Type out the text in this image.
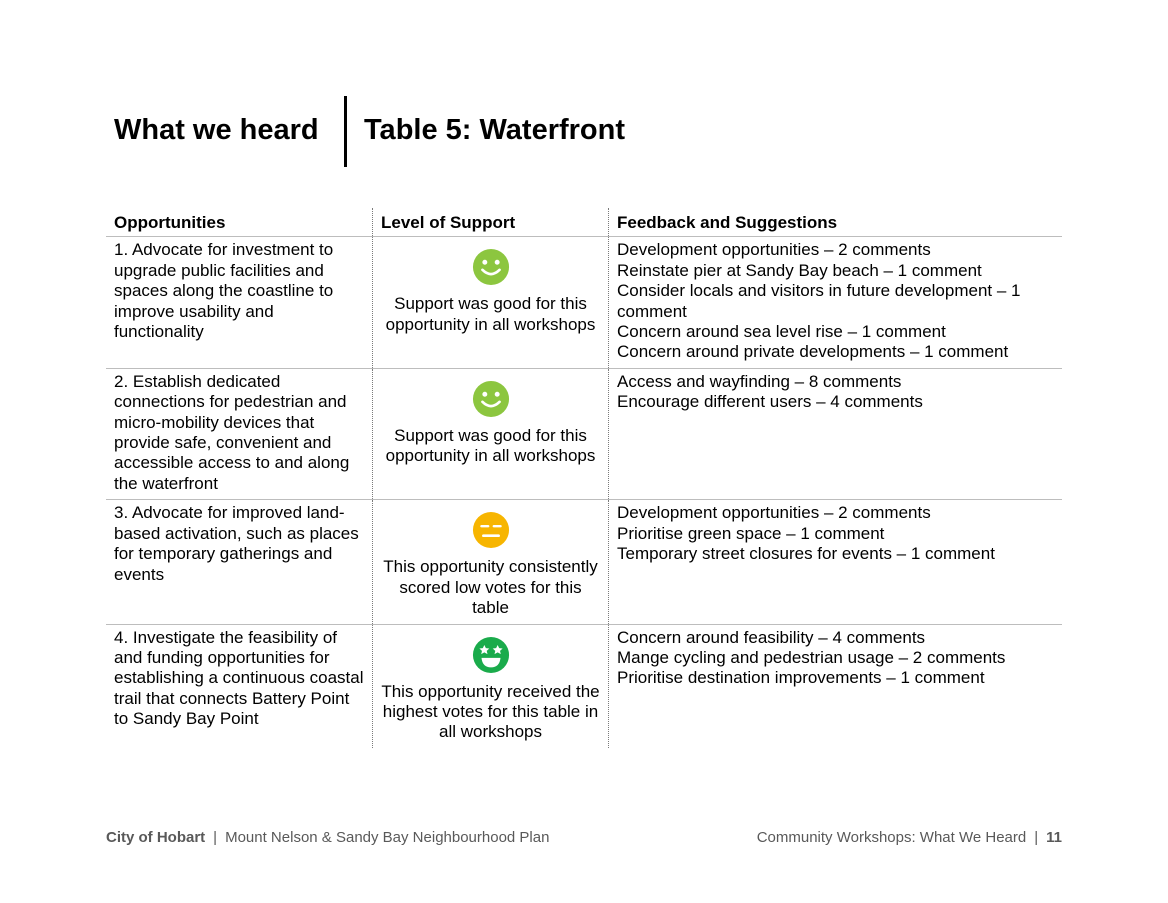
What we heard Table 5: Waterfront
Opportunities	Level of Support	Feedback and Suggestions
1. Advocate for investment to upgrade public facilities and spaces along the coastline to improve usability and functionality	Support was good for this opportunity in all workshops	Development opportunities – 2 comments
Reinstate pier at Sandy Bay beach – 1 comment
Consider locals and visitors in future development – 1 comment
Concern around sea level rise – 1 comment
Concern around private developments – 1 comment

2. Establish dedicated connections for pedestrian and micro-mobility devices that provide safe, convenient and accessible access to and along the waterfront	Support was good for this opportunity in all workshops	Access and wayfinding – 8 comments
Encourage different users – 4 comments

3. Advocate for improved land-based activation, such as places for temporary gatherings and events	This opportunity consistently scored low votes for this table	Development opportunities – 2 comments
Prioritise green space – 1 comment
Temporary street closures for events – 1 comment

4. Investigate the feasibility of and funding opportunities for establishing a continuous coastal trail that connects Battery Point to Sandy Bay Point	This opportunity received the highest votes for this table in all workshops	Concern around feasibility – 4 comments
Mange cycling and pedestrian usage – 2 comments
Prioritise destination improvements – 1 comment
City of Hobart | Mount Nelson & Sandy Bay Neighbourhood Plan	Community Workshops: What We Heard | 11
